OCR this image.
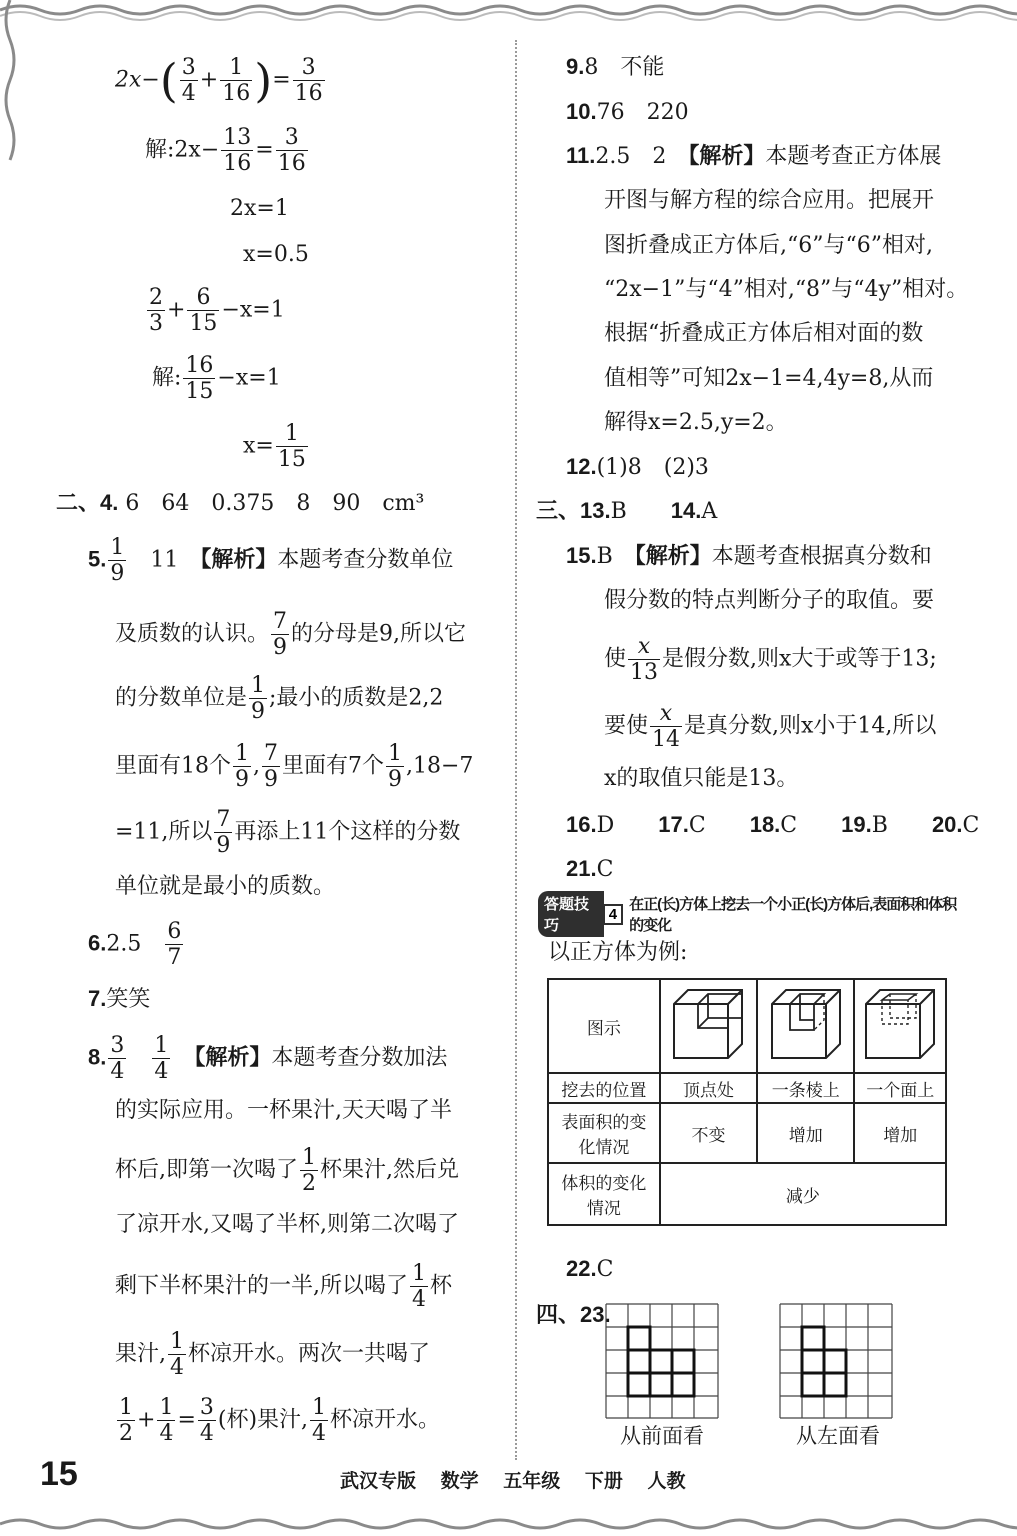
$2x-( \frac{3}{4} + \frac{1}{16}$ )= $\frac{3}{16}$
解:2x− $\frac{13}{16} = \frac{3}{16}$
2x=1
x=0.5
$\frac{2}{3} + \frac{6}{15} -x=1$
解: $\frac{16}{15} -x=1$
$x= \frac{1}{15}$
二、4. 6　64　0.375　8　90　cm³
5. $\frac{1}{9}$
　 11　 【解析】本题考查分数单位
及质数的认识。 $\frac{7}{9}$ 的分母是9,所以它
的分数单位是 $\frac{1}{9}$ ;最小的质数是2,2
里面有18个 $\frac{1}{9}$ , $\frac{7}{9}$ 里面有7个 $\frac{1}{9} ,18-7$
=11,所以 $\frac{7}{9}$ 再添上11个这样的分数
单位就是最小的质数。
6.2.5　 $\frac{6}{7}$
7.笑笑
8. $\frac{3}{4}$
　 $\frac{1}{4}$
　 【解析】本题考查分数加法
的实际应用。一杯果汁,天天喝了半
杯后,即第一次喝了 $\frac{1}{2}$ 杯果汁,然后兑
了凉开水,又喝了半杯,则第二次喝了
剩下半杯果汁的一半,所以喝了 $\frac{1}{4}$ 杯
果汁, $\frac{1}{4}$ 杯凉开水。两次一共喝了
$\frac{1}{2} + \frac{1}{4} = \frac{3}{4}$ (杯)果汁, $\frac{1}{4}$ 杯凉开水。
9.8　不能
10.76　220
11.2.5　2　 【解析】本题考查正方体展
开图与解方程的综合应用。把展开
图折叠成正方体后,“6”与“6”相对,
“2x−1”与“4”相对,“8”与“4y”相对。
根据“折叠成正方体后相对面的数
值相等”可知2x−1=4,4y=8,从而
解得x=2.5,y=2。
12.(1)8　(2)3
三、13.B　　 14.A
15.B　 【解析】本题考查根据真分数和
假分数的特点判断分子的取值。要
使 $\frac{x}{13}$ 是假分数,则x大于或等于13;
要使 $\frac{x}{14}$ 是真分数,则x小于14,所以
x的取值只能是13。
16.D　　 17.C　　 18.C　　 19.B　　 20.C
21.C
答题技巧
4
在正(长)方体上挖去一个小正(长)方体后,表面积和体积的变化
以正方体为例:
图示			
挖去的位置	顶点处	一条棱上	一个面上
表面积的变
化情况	不变	增加	增加
体积的变化
情况	减少		
22.C
四、23.
从前面看	从左面看
15	武汉专版 数学 五年级 下册 人教
